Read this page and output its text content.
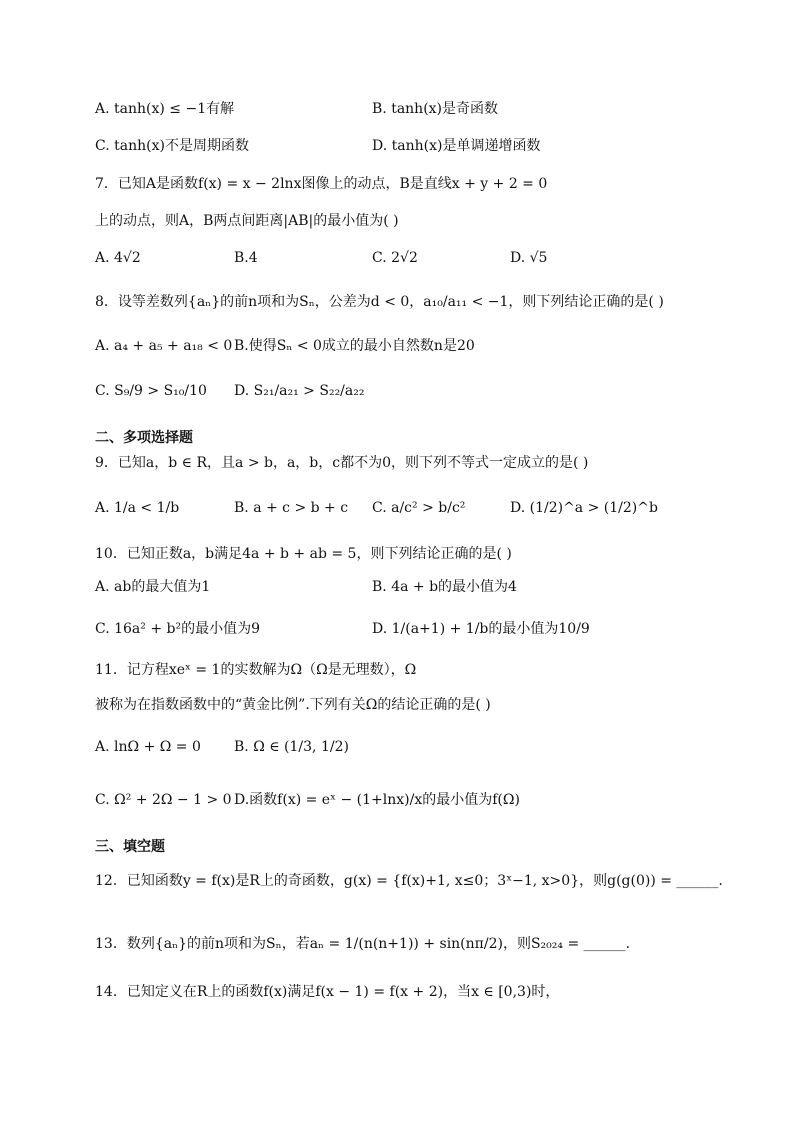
A. tanh(x) ≤ −1有解	B. tanh(x)是奇函数
C. tanh(x)不是周期函数	D. tanh(x)是单调递增函数
7．已知A是函数f(x) = x − 2lnx图像上的动点，B是直线x + y + 2 = 0
上的动点，则A，B两点间距离|AB|的最小值为( )
A. 4√2	B.4	C. 2√2	D. √5
8．设等差数列{aₙ}的前n项和为Sₙ，公差为d < 0，a₁₀/a₁₁ < −1，则下列结论正确的是( )
A. a₄ + a₅ + a₁₈ < 0 B.使得Sₙ < 0成立的最小自然数n是20
C. S₉/9 > S₁₀/10 D. S₂₁/a₂₁ > S₂₂/a₂₂
9．已知a，b ∈ R，且a > b，a，b，c都不为0，则下列不等式一定成立的是( )
A. 1/a < 1/b	B. a + c > b + c C. a/c² > b/c²	D. (1/2)^a > (1/2)^b
10．已知正数a，b满足4a + b + ab = 5，则下列结论正确的是( )
A. ab的最大值为1	B. 4a + b的最小值为4
C. 16a² + b²的最小值为9	D. 1/(a+1) + 1/b的最小值为10/9
11．记方程xeˣ = 1的实数解为Ω（Ω是无理数），Ω
被称为在指数函数中的“黄金比例”.下列有关Ω的结论正确的是( )
A. lnΩ + Ω = 0 B. Ω ∈ (1/3, 1/2)
C. Ω² + 2Ω − 1 > 0 D.函数f(x) = eˣ − (1+lnx)/x的最小值为f(Ω)
12．已知函数y = f(x)是R上的奇函数，g(x) = {f(x)+1, x≤0；3ˣ−1, x>0}，则g(g(0)) = ______.
13．数列{aₙ}的前n项和为Sₙ，若aₙ = 1/(n(n+1)) + sin(nπ/2)，则S₂₀₂₄ = ______.
14．已知定义在R上的函数f(x)满足f(x − 1) = f(x + 2)，当x ∈ [0,3)时，
二、多项选择题
三、填空题
